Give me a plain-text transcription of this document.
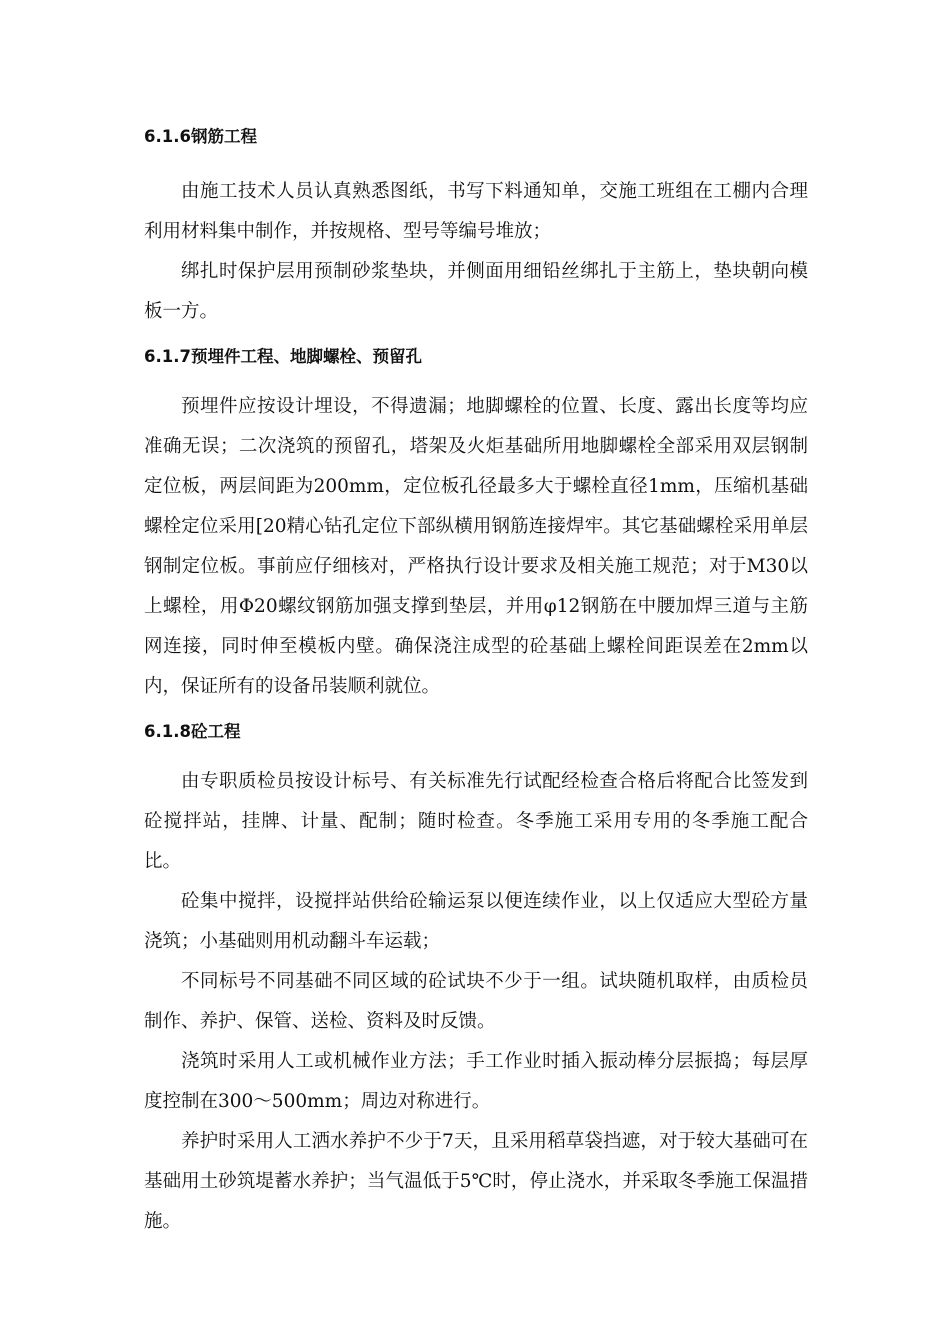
6.1.6钢筋工程

由施工技术人员认真熟悉图纸，书写下料通知单，交施工班组在工棚内合理利用材料集中制作，并按规格、型号等编号堆放；

绑扎时保护层用预制砂浆垫块，并侧面用细铅丝绑扎于主筋上，垫块朝向模板一方。

6.1.7预埋件工程、地脚螺栓、预留孔

预埋件应按设计埋设，不得遗漏；地脚螺栓的位置、长度、露出长度等均应准确无误；二次浇筑的预留孔，塔架及火炬基础所用地脚螺栓全部采用双层钢制定位板，两层间距为200mm，定位板孔径最多大于螺栓直径1mm，压缩机基础螺栓定位采用[20精心钻孔定位下部纵横用钢筋连接焊牢。其它基础螺栓采用单层钢制定位板。事前应仔细核对，严格执行设计要求及相关施工规范；对于M30以上螺栓，用Φ20螺纹钢筋加强支撑到垫层，并用φ12钢筋在中腰加焊三道与主筋网连接，同时伸至模板内壁。确保浇注成型的砼基础上螺栓间距误差在2mm以内，保证所有的设备吊装顺利就位。

6.1.8砼工程

由专职质检员按设计标号、有关标准先行试配经检查合格后将配合比签发到砼搅拌站，挂牌、计量、配制；随时检查。冬季施工采用专用的冬季施工配合比。

砼集中搅拌，设搅拌站供给砼输运泵以便连续作业，以上仅适应大型砼方量浇筑；小基础则用机动翻斗车运载；

不同标号不同基础不同区域的砼试块不少于一组。试块随机取样，由质检员制作、养护、保管、送检、资料及时反馈。

浇筑时采用人工或机械作业方法；手工作业时插入振动棒分层振捣；每层厚度控制在300～500mm；周边对称进行。

养护时采用人工洒水养护不少于7天，且采用稻草袋挡遮，对于较大基础可在基础用土砂筑堤蓄水养护；当气温低于5℃时，停止浇水，并采取冬季施工保温措施。
